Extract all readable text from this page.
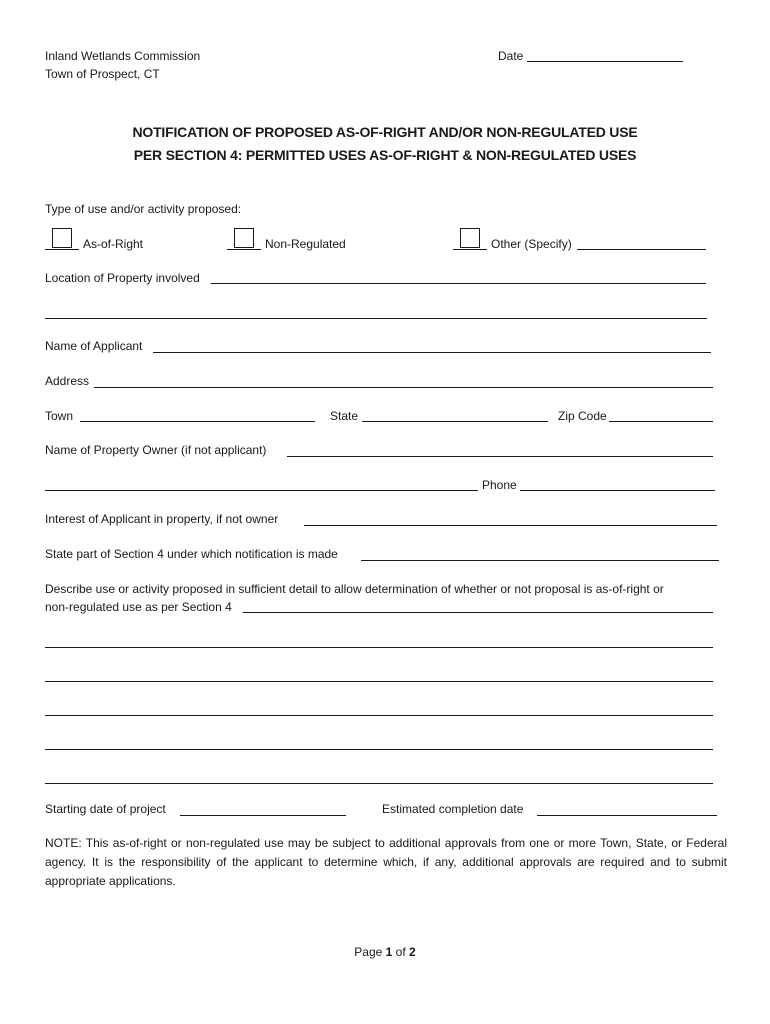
Inland Wetlands Commission
Town of Prospect, CT
Date
NOTIFICATION OF PROPOSED AS-OF-RIGHT AND/OR NON-REGULATED USE
PER SECTION 4: PERMITTED USES AS-OF-RIGHT & NON-REGULATED USES
Type of use and/or activity proposed:
As-of-Right	Non-Regulated	Other (Specify)
Location of Property involved
Name of Applicant
Address
Town	State	Zip Code
Name of Property Owner (if not applicant)
Phone
Interest of Applicant in property, if not owner
State part of Section 4 under which notification is made
Describe use or activity proposed in sufficient detail to allow determination of whether or not proposal is as-of-right or
non-regulated use as per Section 4
Starting date of project	Estimated completion date
NOTE: This as-of-right or non-regulated use may be subject to additional approvals from one or more Town, State, or Federal agency. It is the responsibility of the applicant to determine which, if any, additional approvals are required and to submit appropriate applications.
Page 1 of 2
